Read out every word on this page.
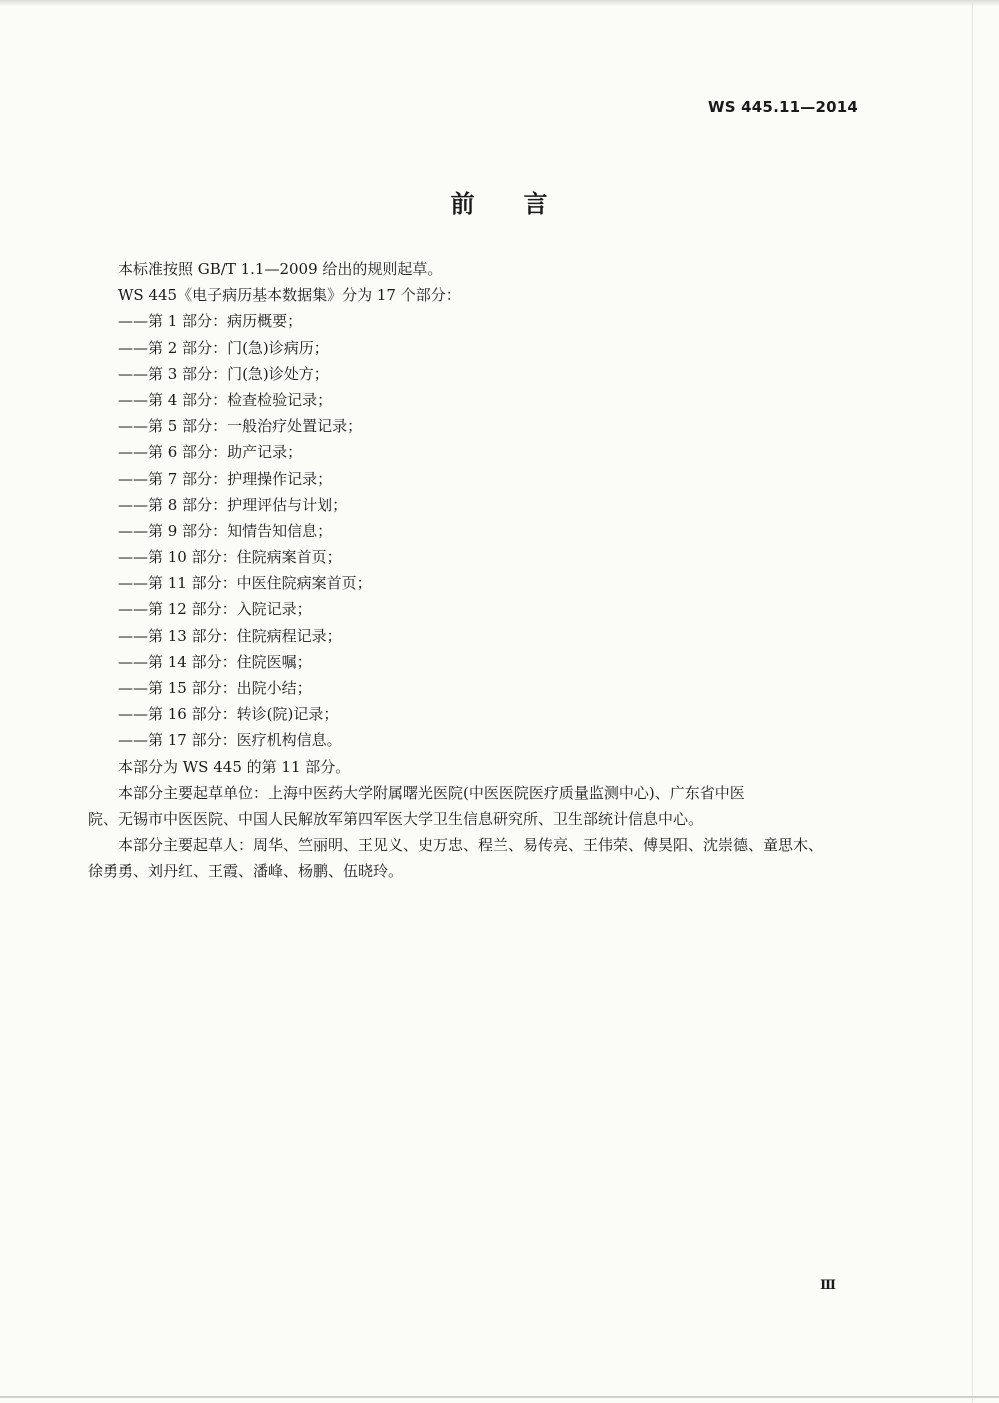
WS 445.11—2014
前 言
本标准按照 GB/T 1.1—2009 给出的规则起草。
WS 445《电子病历基本数据集》分为 17 个部分：
——第 1 部分：病历概要；
——第 2 部分：门(急)诊病历；
——第 3 部分：门(急)诊处方；
——第 4 部分：检查检验记录；
——第 5 部分：一般治疗处置记录；
——第 6 部分：助产记录；
——第 7 部分：护理操作记录；
——第 8 部分：护理评估与计划；
——第 9 部分：知情告知信息；
——第 10 部分：住院病案首页；
——第 11 部分：中医住院病案首页；
——第 12 部分：入院记录；
——第 13 部分：住院病程记录；
——第 14 部分：住院医嘱；
——第 15 部分：出院小结；
——第 16 部分：转诊(院)记录；
——第 17 部分：医疗机构信息。
本部分为 WS 445 的第 11 部分。
本部分主要起草单位：上海中医药大学附属曙光医院(中医医院医疗质量监测中心)、广东省中医
院、无锡市中医医院、中国人民解放军第四军医大学卫生信息研究所、卫生部统计信息中心。
本部分主要起草人：周华、竺丽明、王见义、史万忠、程兰、易传亮、王伟荣、傅昊阳、沈崇德、童思木、
徐勇勇、刘丹红、王霞、潘峰、杨鹏、伍晓玲。
Ⅲ
